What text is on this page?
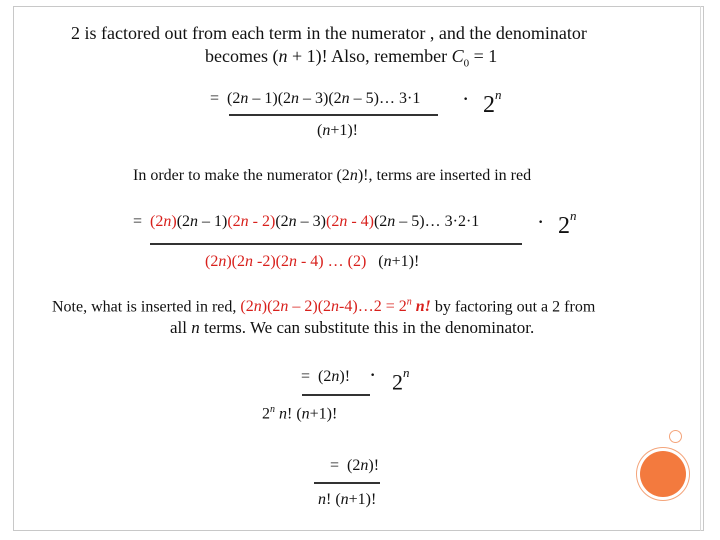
2 is factored out from each term in the numerator , and the denominator
becomes (n + 1)! Also, remember $C_0 = 1$
= (2n – 1)(2n – 3)(2n – 5)… $3\cdot 1 \cdot 2^n$
(n+1)!
In order to make the numerator (2n)!, terms are inserted in red
= (2n)(2n – 1)(2n - 2)(2n – 3)(2n - 4)(2n – 5)… 3·2·1	· $2^n$
(2n)(2n -2)(2n - 4) … (2) (n+1)!
Note, what is inserted in red, (2n)(2n – 2)(2n-4)…2 = $2^n$ n! by factoring out a 2 from
all n terms. We can substitute this in the denominator.
= (2n)! · $2^n$
2$^n$ n! (n+1)!
= (2n)!
n! (n+1)!
